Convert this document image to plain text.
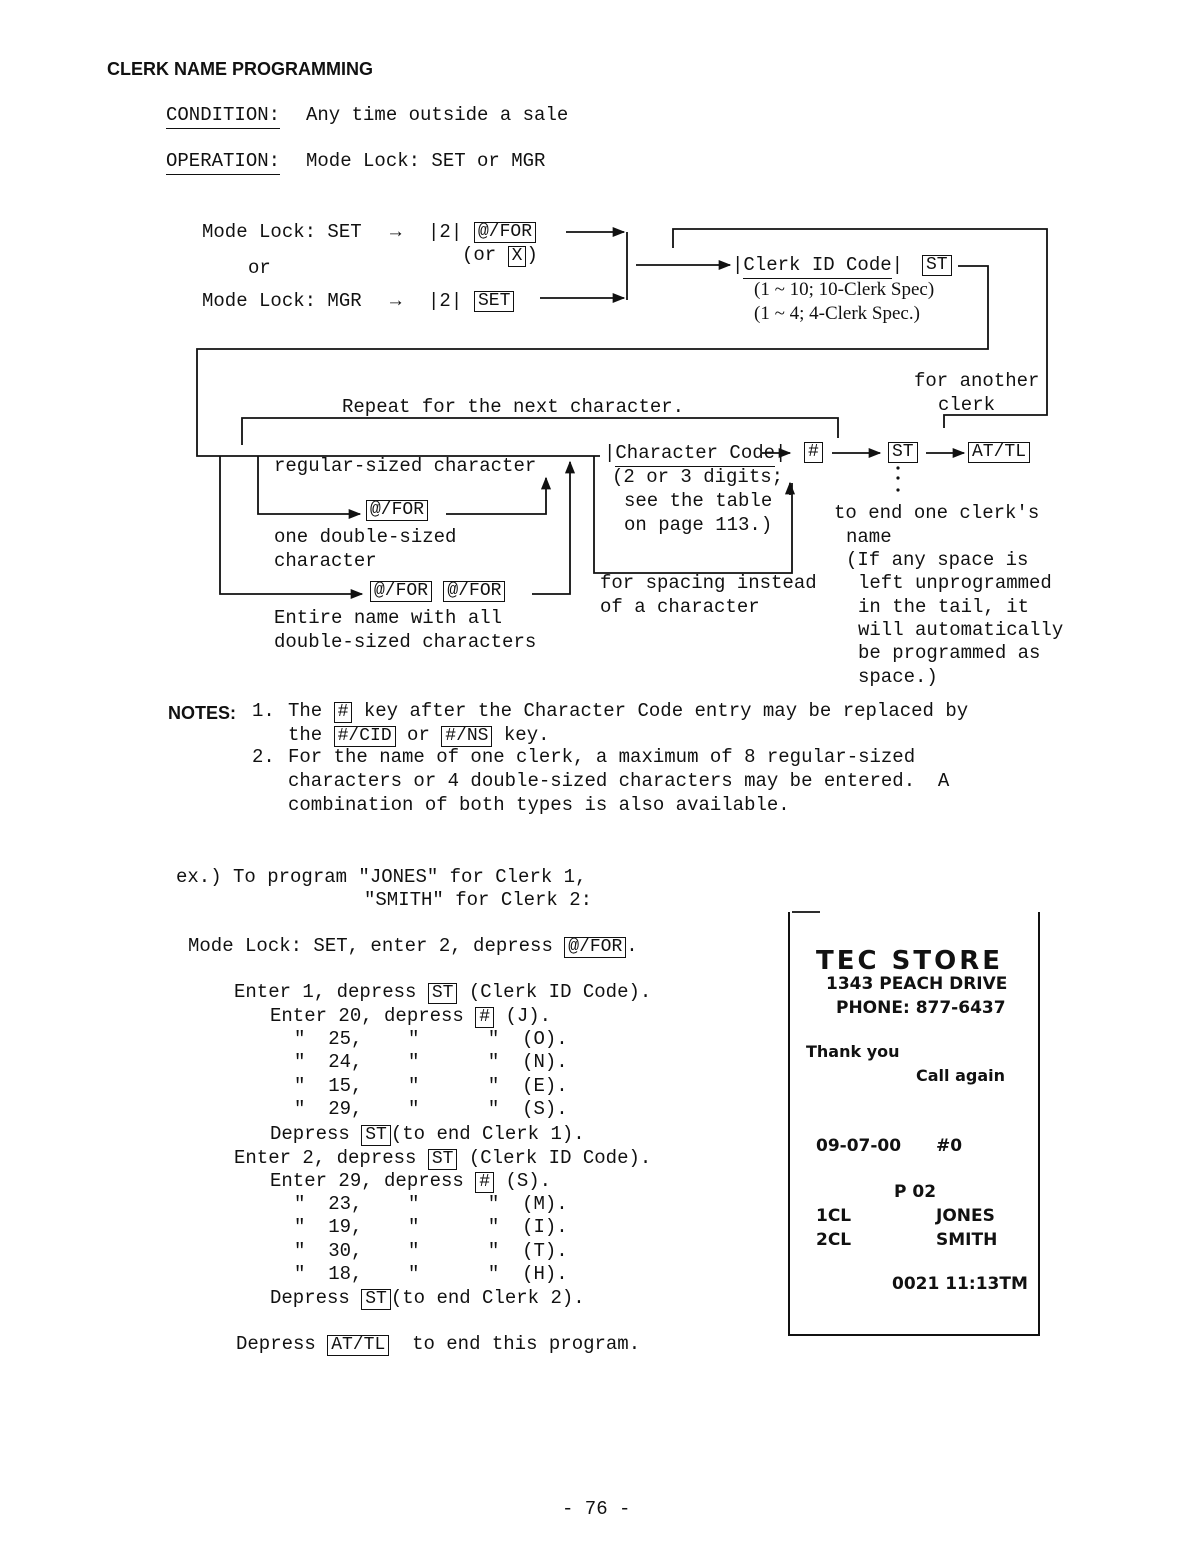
CLERK NAME PROGRAMMING
CONDITION: Any time outside a sale
OPERATION: Mode Lock: SET or MGR
Mode Lock: SET → |2| @/FOR
(or X )
or
Mode Lock: MGR → |2| SET
|Clerk ID Code| ST
(1 ~ 10; 10-Clerk Spec)
(1 ~ 4; 4-Clerk Spec.)
for another
clerk
Repeat for the next character.
regular-sized character
@/FOR
one double-sized
character
@/FOR @/FOR
Entire name with all
double-sized characters
|Character Code| #	ST	AT/TL
(2 or 3 digits;
see the table
on page 113.)
for spacing instead
of a character
to end one clerk's
name
(If any space is
left unprogrammed
in the tail, it
will automatically
be programmed as
space.)
NOTES: 1. The # key after the Character Code entry may be replaced by
the #/CID or #/NS key.
2. For the name of one clerk, a maximum of 8 regular-sized
characters or 4 double-sized characters may be entered.  A
combination of both types is also available.
ex.) To program "JONES" for Clerk 1,
"SMITH" for Clerk 2:
Mode Lock: SET, enter 2, depress @/FOR .
Enter 1, depress ST (Clerk ID Code).
Enter 20, depress # (J).
" 25, "	" (O).
" 24, "	" (N).
" 15, "	" (E).
" 29, "	" (S).
Depress ST (to end Clerk 1).
Enter 2, depress ST (Clerk ID Code).
Enter 29, depress # (S).
" 23, "	" (M).
" 19, "	" (I).
" 30, "	" (T).
" 18, "	" (H).
Depress ST (to end Clerk 2).
Depress AT/TL to end this program.
TEC STORE
1343 PEACH DRIVE
PHONE: 877-6437
Thank you
Call again
09-07-00 #0
P 02
1CL	JONES
2CL	SMITH
0021 11:13TM
- 76 -
